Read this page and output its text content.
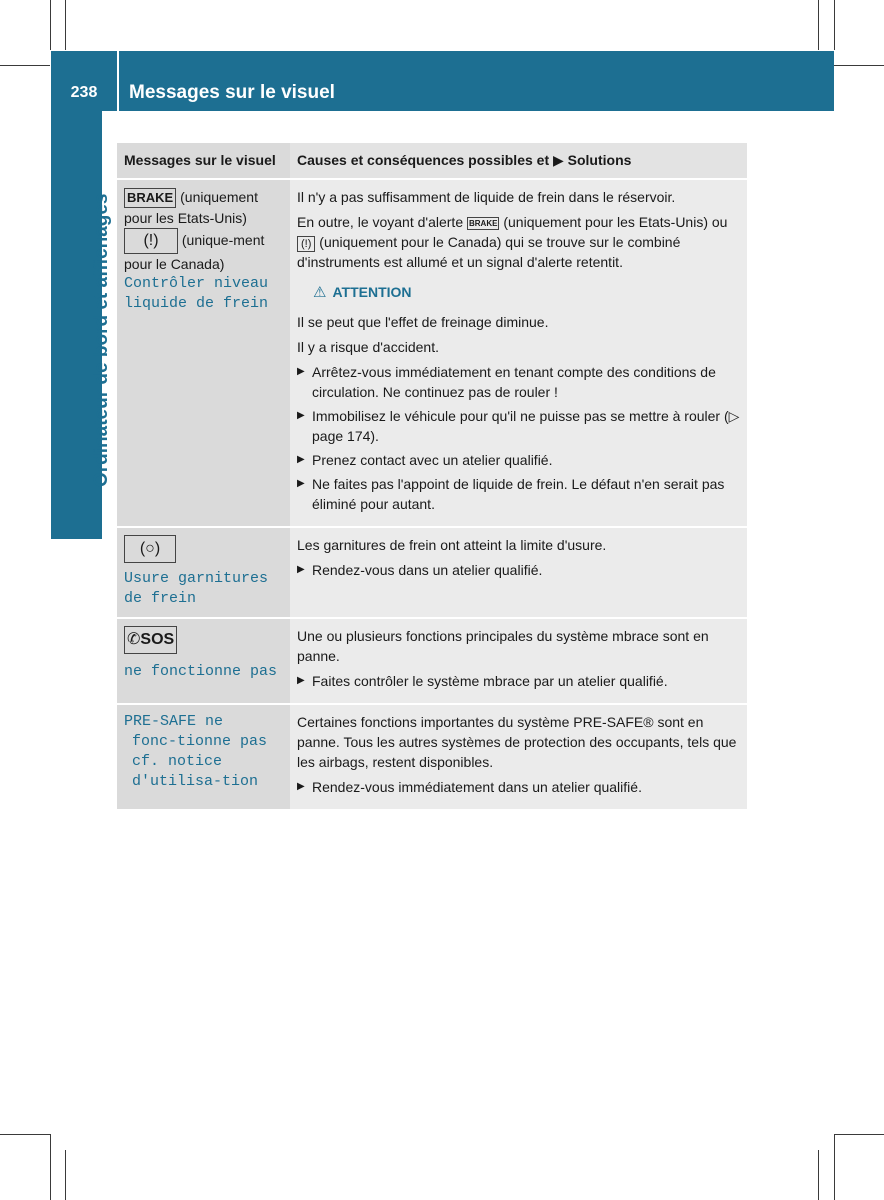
238	Messages sur le visuel
Ordinateur de bord et affichages
Messages sur le visuel	Causes et conséquences possibles et ▶ Solutions
BRAKE (uniquement pour les Etats-Unis) (!) (unique-ment pour le Canada)
Contrôler niveau liquide de frein

Il n'y a pas suffisamment de liquide de frein dans le réservoir.

En outre, le voyant d'alerte BRAKE (uniquement pour les Etats-Unis) ou (!) (uniquement pour le Canada) qui se trouve sur le combiné d'instruments est allumé et un signal d'alerte retentit.

⚠ ATTENTION

Il se peut que l'effet de freinage diminue.

Il y a risque d'accident.

▶ Arrêtez-vous immédiatement en tenant compte des conditions de circulation. Ne continuez pas de rouler !
▶ Immobilisez le véhicule pour qu'il ne puisse pas se mettre à rouler (▷ page 174).
▶ Prenez contact avec un atelier qualifié.
▶ Ne faites pas l'appoint de liquide de frein. Le défaut n'en serait pas éliminé pour autant.
(○)
Usure garnitures de frein

Les garnitures de frein ont atteint la limite d'usure.

▶ Rendez-vous dans un atelier qualifié.
✆SOS
ne fonctionne pas

Une ou plusieurs fonctions principales du système mbrace sont en panne.

▶ Faites contrôler le système mbrace par un atelier qualifié.
PRE-SAFE ne fonc-tionne pas cf. notice d'utilisa-tion

Certaines fonctions importantes du système PRE-SAFE® sont en panne. Tous les autres systèmes de protection des occupants, tels que les airbags, restent disponibles.

▶ Rendez-vous immédiatement dans un atelier qualifié.
